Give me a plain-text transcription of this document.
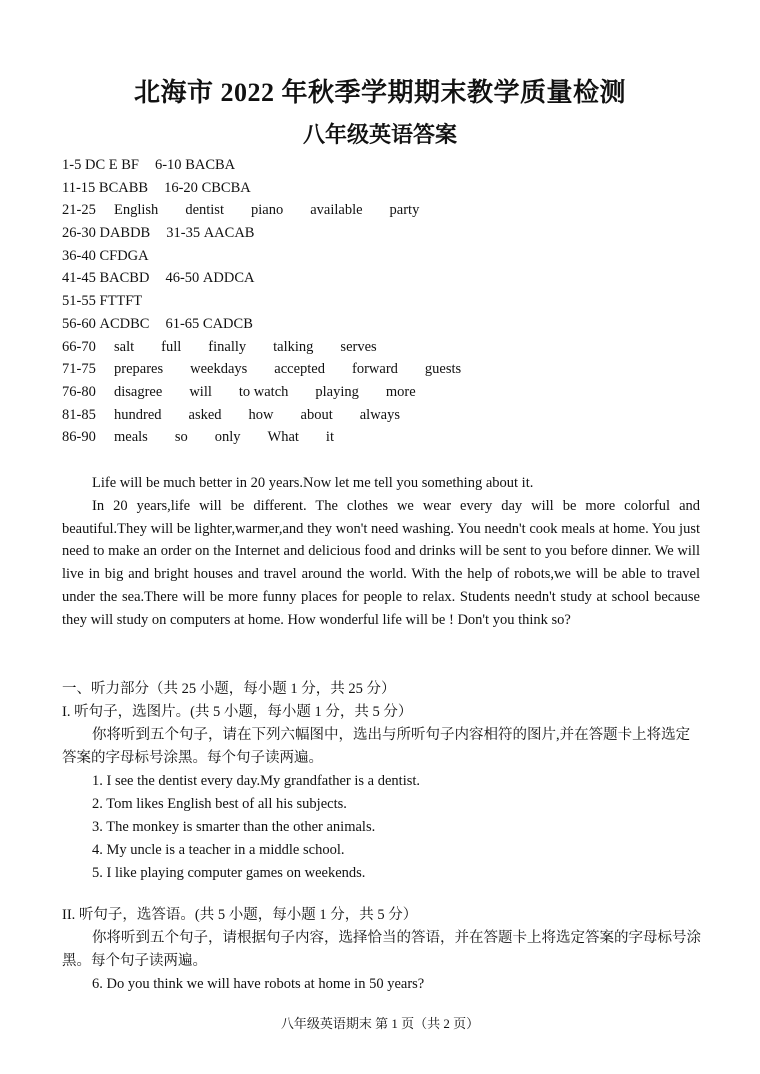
北海市 2022 年秋季学期期末教学质量检测
八年级英语答案
1-5 DC E BF 6-10 BACBA
11-15 BCABB 16-20 CBCBA
21-25 English dentist piano available party
26-30 DABDB 31-35 AACAB
36-40 CFDGA
41-45 BACBD 46-50 ADDCA
51-55 FTTFT
56-60 ACDBC 61-65 CADCB
66-70 salt full finally talking serves
71-75 prepares weekdays accepted forward guests
76-80 disagree will to watch playing more
81-85 hundred asked how about always
86-90 meals so only What it

Life will be much better in 20 years.Now let me tell you something about it.

In 20 years,life will be different. The clothes we wear every day will be more colorful and beautiful.They will be lighter,warmer,and they won't need washing. You needn't cook meals at home. You just need to make an order on the Internet and delicious food and drinks will be sent to you before dinner. We will live in big and bright houses and travel around the world. With the help of robots,we will be able to travel under the sea.There will be more funny places for people to relax. Students needn't study at school because they will study on computers at home. How wonderful life will be ! Don't you think so?

一、听力部分（共 25 小题，每小题 1 分，共 25 分）

I. 听句子，选图片。(共 5 小题，每小题 1 分，共 5 分）

你将听到五个句子，请在下列六幅图中，选出与所听句子内容相符的图片,并在答题卡上将选定答案的字母标号涂黑。每个句子读两遍。

1. I see the dentist every day.My grandfather is a dentist.

2. Tom likes English best of all his subjects.

3. The monkey is smarter than the other animals.

4. My uncle is a teacher in a middle school.

5. I like playing computer games on weekends.

II. 听句子，选答语。(共 5 小题，每小题 1 分，共 5 分）

你将听到五个句子，请根据句子内容，选择恰当的答语，并在答题卡上将选定答案的字母标号涂黑。每个句子读两遍。

6. Do you think we will have robots at home in 50 years?

八年级英语期末 第 1 页（共 2 页）
